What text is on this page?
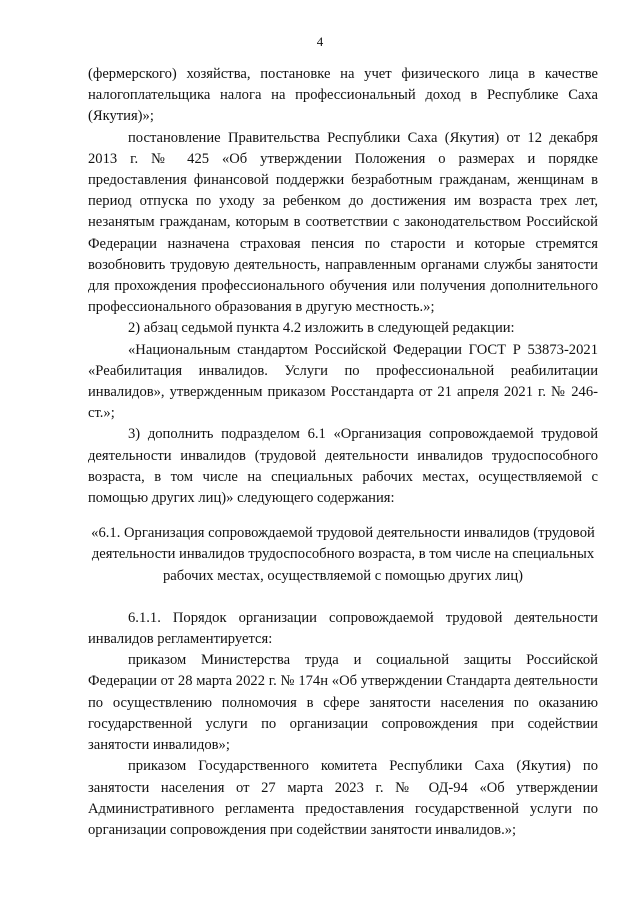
4

(фермерского) хозяйства, постановке на учет физического лица в качестве налогоплательщика налога на профессиональный доход в Республике Саха (Якутия)»;

постановление Правительства Республики Саха (Якутия) от 12 декабря 2013 г. № 425 «Об утверждении Положения о размерах и порядке предоставления финансовой поддержки безработным гражданам, женщинам в период отпуска по уходу за ребенком до достижения им возраста трех лет, незанятым гражданам, которым в соответствии с законодательством Российской Федерации назначена страховая пенсия по старости и которые стремятся возобновить трудовую деятельность, направленным органами службы занятости для прохождения профессионального обучения или получения дополнительного профессионального образования в другую местность.»;

2) абзац седьмой пункта 4.2 изложить в следующей редакции:

«Национальным стандартом Российской Федерации ГОСТ Р 53873-2021 «Реабилитация инвалидов. Услуги по профессиональной реабилитации инвалидов», утвержденным приказом Росстандарта от 21 апреля 2021 г. № 246-ст.»;

3) дополнить подразделом 6.1 «Организация сопровождаемой трудовой деятельности инвалидов (трудовой деятельности инвалидов трудоспособного возраста, в том числе на специальных рабочих местах, осуществляемой с помощью других лиц)» следующего содержания:

«6.1. Организация сопровождаемой трудовой деятельности инвалидов (трудовой деятельности инвалидов трудоспособного возраста, в том числе на специальных рабочих местах, осуществляемой с помощью других лиц)

6.1.1. Порядок организации сопровождаемой трудовой деятельности инвалидов регламентируется:

приказом Министерства труда и социальной защиты Российской Федерации от 28 марта 2022 г. № 174н «Об утверждении Стандарта деятельности по осуществлению полномочия в сфере занятости населения по оказанию государственной услуги по организации сопровождения при содействии занятости инвалидов»;

приказом Государственного комитета Республики Саха (Якутия) по занятости населения от 27 марта 2023 г. № ОД-94 «Об утверждении Административного регламента предоставления государственной услуги по организации сопровождения при содействии занятости инвалидов.»;
